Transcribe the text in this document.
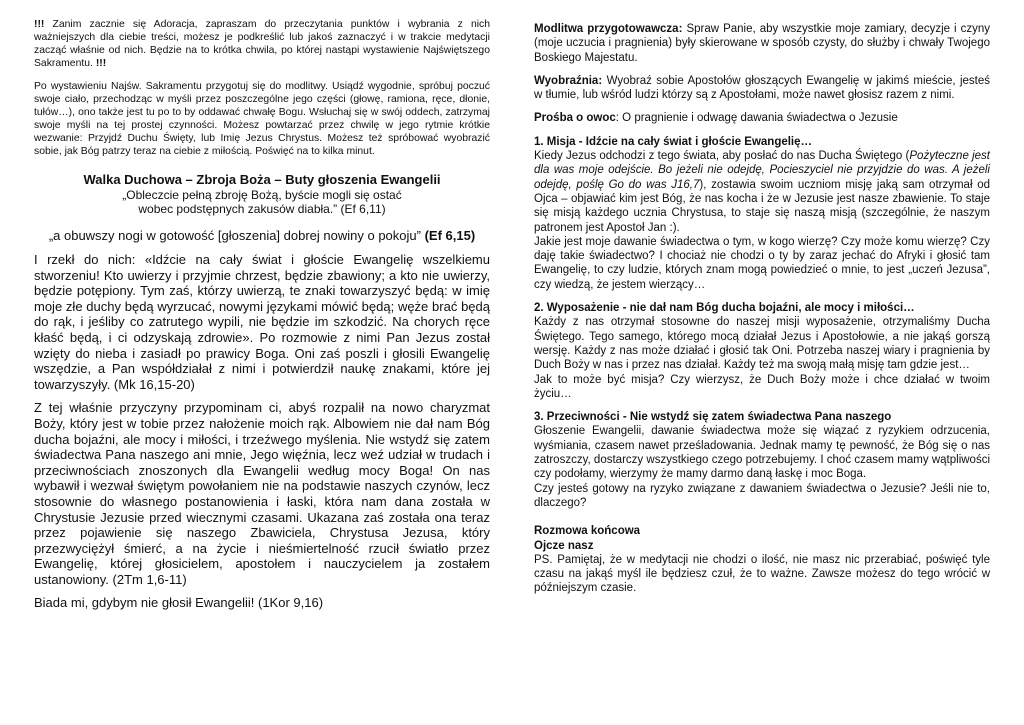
!!! Zanim zacznie się Adoracja, zapraszam do przeczytania punktów i wybrania z nich ważniejszych dla ciebie treści, możesz je podkreślić lub jakoś zaznaczyć i w trakcie medytacji zacząć właśnie od nich. Będzie na to krótka chwila, po której nastąpi wystawienie Najświętszego Sakramentu. !!!

Po wystawieniu Najśw. Sakramentu przygotuj się do modlitwy. Usiądź wygodnie, spróbuj poczuć swoje ciało, przechodząc w myśli przez poszczególne jego części (głowę, ramiona, ręce, dłonie, tułów…), ono także jest tu po to by oddawać chwałę Bogu. Wsłuchaj się w swój oddech, zatrzymaj swoje myśli na tej prostej czynności. Możesz powtarzać przez chwilę w jego rytmie krótkie wezwanie: Przyjdź Duchu Święty, lub Imię Jezus Chrystus. Możesz też spróbować wyobrazić sobie, jak Bóg patrzy teraz na ciebie z miłością. Poświęć na to kilka minut.

Walka Duchowa – Zbroja Boża – Buty głoszenia Ewangelii
„Obleczcie pełną zbroję Bożą, byście mogli się ostać
wobec podstępnych zakusów diabła.” (Ef 6,11)

„a obuwszy nogi w gotowość [głoszenia] dobrej nowiny o pokoju” (Ef 6,15)

I rzekł do nich: «Idźcie na cały świat i głoście Ewangelię wszelkiemu stworzeniu! Kto uwierzy i przyjmie chrzest, będzie zbawiony; a kto nie uwierzy, będzie potępiony. Tym zaś, którzy uwierzą, te znaki towarzyszyć będą: w imię moje złe duchy będą wyrzucać, nowymi językami mówić będą; węże brać będą do rąk, i jeśliby co zatrutego wypili, nie będzie im szkodzić. Na chorych ręce kłaść będą, i ci odzyskają zdrowie». Po rozmowie z nimi Pan Jezus został wzięty do nieba i zasiadł po prawicy Boga. Oni zaś poszli i głosili Ewangelię wszędzie, a Pan współdziałał z nimi i potwierdził naukę znakami, które jej towarzyszyły. (Mk 16,15-20)

Z tej właśnie przyczyny przypominam ci, abyś rozpalił na nowo charyzmat Boży, który jest w tobie przez nałożenie moich rąk. Albowiem nie dał nam Bóg ducha bojaźni, ale mocy i miłości, i trzeźwego myślenia. Nie wstydź się zatem świadectwa Pana naszego ani mnie, Jego więźnia, lecz weź udział w trudach i przeciwnościach znoszonych dla Ewangelii według mocy Boga! On nas wybawił i wezwał świętym powołaniem nie na podstawie naszych czynów, lecz stosownie do własnego postanowienia i łaski, która nam dana została w Chrystusie Jezusie przed wiecznymi czasami. Ukazana zaś została ona teraz przez pojawienie się naszego Zbawiciela, Chrystusa Jezusa, który przezwyciężył śmierć, a na życie i nieśmiertelność rzucił światło przez Ewangelię, której głosicielem, apostołem i nauczycielem ja zostałem ustanowiony. (2Tm 1,6-11)

Biada mi, gdybym nie głosił Ewangelii! (1Kor 9,16)

Modlitwa przygotowawcza: Spraw Panie, aby wszystkie moje zamiary, decyzje i czyny (moje uczucia i pragnienia) były skierowane w sposób czysty, do służby i chwały Twojego Boskiego Majestatu.

Wyobraźnia: Wyobraź sobie Apostołów głoszących Ewangelię w jakimś mieście, jesteś w tłumie, lub wśród ludzi którzy są z Apostołami, może nawet głosisz razem z nimi.

Prośba o owoc: O pragnienie i odwagę dawania świadectwa o Jezusie

1. Misja - Idźcie na cały świat i głoście Ewangelię…

Kiedy Jezus odchodzi z tego świata, aby posłać do nas Ducha Świętego (Pożyteczne jest dla was moje odejście. Bo jeżeli nie odejdę, Pocieszyciel nie przyjdzie do was. A jeżeli odejdę, poślę Go do was J16,7), zostawia swoim uczniom misję jaką sam otrzymał od Ojca – objawiać kim jest Bóg, że nas kocha i że w Jezusie jest nasze zbawienie. To staje się misją każdego ucznia Chrystusa, to staje się naszą misją (szczególnie, że naszym patronem jest Apostoł Jan :).

Jakie jest moje dawanie świadectwa o tym, w kogo wierzę? Czy może komu wierzę? Czy daję takie świadectwo? I chociaż nie chodzi o ty by zaraz jechać do Afryki i głosić tam Ewangelię, to czy ludzie, których znam mogą powiedzieć o mnie, to jest „uczeń Jezusa”, czy wiedzą, że jestem wierzący…

2. Wyposażenie - nie dał nam Bóg ducha bojaźni, ale mocy i miłości…

Każdy z nas otrzymał stosowne do naszej misji wyposażenie, otrzymaliśmy Ducha Świętego. Tego samego, którego mocą działał Jezus i Apostołowie, a nie jakąś gorszą wersję. Każdy z nas może działać i głosić tak Oni. Potrzeba naszej wiary i pragnienia by Duch Boży w nas i przez nas działał. Każdy też ma swoją małą misję tam gdzie jest…

Jak to może być misja? Czy wierzysz, że Duch Boży może i chce działać w twoim życiu…

3. Przeciwności - Nie wstydź się zatem świadectwa Pana naszego

Głoszenie Ewangelii, dawanie świadectwa może się wiązać z ryzykiem odrzucenia, wyśmiania, czasem nawet prześladowania. Jednak mamy tę pewność, że Bóg się o nas zatroszczy, dostarczy wszystkiego czego potrzebujemy. I choć czasem mamy wątpliwości czy podołamy, wierzymy że mamy darmo daną łaskę i moc Boga.

Czy jesteś gotowy na ryzyko związane z dawaniem świadectwa o Jezusie? Jeśli nie to, dlaczego?

Rozmowa końcowa
Ojcze nasz

PS. Pamiętaj, że w medytacji nie chodzi o ilość, nie masz nic przerabiać, poświęć tyle czasu na jakąś myśl ile będziesz czuł, że to ważne. Zawsze możesz do tego wrócić w późniejszym czasie.
